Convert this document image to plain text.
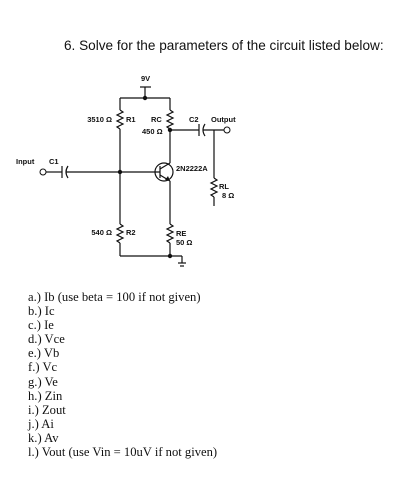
6. Solve for the parameters of the circuit listed below:
9V
3510 Ω R1 RC
450 Ω
C2 Output
Input C1
2N2222A
RL
8 Ω
540 Ω R2	RE
50 Ω
a.) Ib (use beta = 100 if not given)
b.) Ic
c.) Ie
d.) Vce
e.) Vb
f.) Vc
g.) Ve
h.) Zin
i.) Zout
j.) Ai
k.) Av
l.) Vout (use Vin = 10uV if not given)
